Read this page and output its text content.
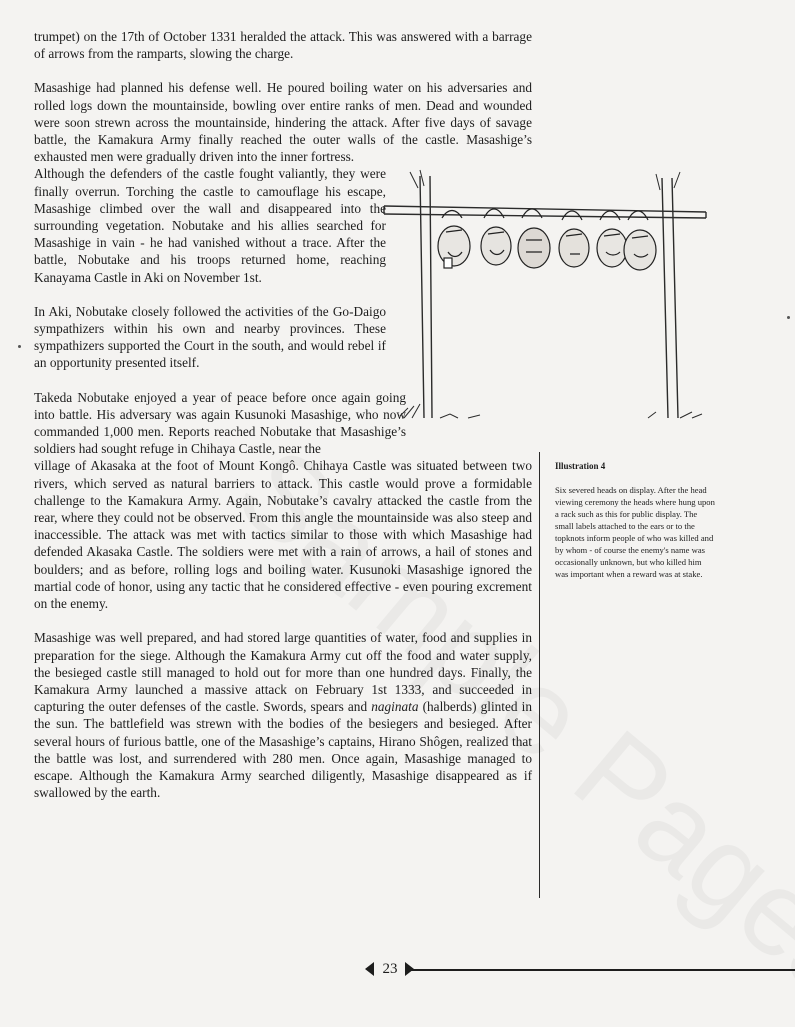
trumpet) on the 17th of October 1331 heralded the attack. This was answered with a barrage of arrows from the ramparts, slowing the charge.

Masashige had planned his defense well. He poured boiling water on his adversaries and rolled logs down the mountainside, bowling over entire ranks of men. Dead and wounded were soon strewn across the mountainside, hindering the attack. After five days of savage battle, the Kamakura Army finally reached the outer walls of the castle. Masashige’s exhausted men were gradually driven into the inner fortress.

Although the defenders of the castle fought valiantly, they were finally overrun. Torching the castle to camouflage his escape, Masashige climbed over the wall and disappeared into the surrounding vegetation. Nobutake and his allies searched for Masashige in vain - he had vanished without a trace. After the battle, Nobutake and his troops returned home, reaching Kanayama Castle in Aki on November 1st.

In Aki, Nobutake closely followed the activities of the Go-Daigo sympathizers within his own and nearby provinces. These sympathizers supported the Court in the south, and would rebel if an opportunity presented itself.

Takeda Nobutake enjoyed a year of peace before once again going into battle. His adversary was again Kusunoki Masashige, who now commanded 1,000 men. Reports reached Nobutake that Masashige’s soldiers had sought refuge in Chihaya Castle, near the

village of Akasaka at the foot of Mount Kongô. Chihaya Castle was situated between two rivers, which served as natural barriers to attack. This castle would prove a formidable challenge to the Kamakura Army. Again, Nobutake’s cavalry attacked the castle from the rear, where they could not be observed. From this angle the mountainside was also steep and inaccessible. The attack was met with tactics similar to those with which Masashige had defended Akasaka Castle. The soldiers were met with a rain of arrows, a hail of stones and boulders; and as before, rolling logs and boiling water. Kusunoki Masashige ignored the martial code of honor, using any tactic that he considered effective - even pouring excrement on the enemy.

Masashige was well prepared, and had stored large quantities of water, food and supplies in preparation for the siege. Although the Kamakura Army cut off the food and water supply, the besieged castle still managed to hold out for more than one hundred days. Finally, the Kamakura Army launched a massive attack on February 1st 1333, and succeeded in capturing the outer defenses of the castle. Swords, spears and naginata (halberds) glinted in the sun. The battlefield was strewn with the bodies of the besiegers and besieged. After several hours of furious battle, one of the Masashige’s captains, Hirano Shôgen, realized that the battle was lost, and surrendered with 280 men. Once again, Masashige managed to escape. Although the Kamakura Army searched diligently, Masashige disappeared as if swallowed by the earth.

Illustration 4
Six severed heads on display. After the head viewing ceremony the heads where hung upon a rack such as this for public display. The small labels attached to the ears or to the topknots inform people of who was killed and by whom - of course the enemy's name was occasionally unknown, but who killed him was important when a reward was at stake.
23
